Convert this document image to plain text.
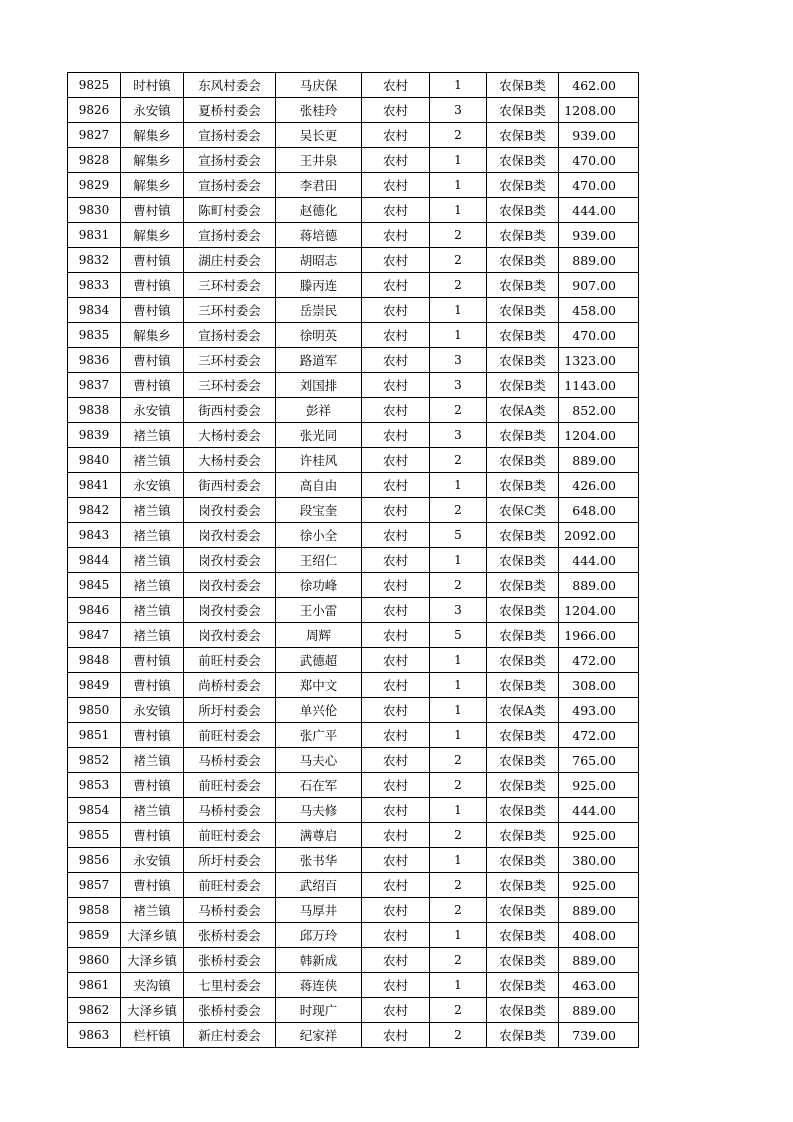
9825	时村镇	东风村委会	马庆保	农村	1	农保B类	462.00
9826	永安镇	夏桥村委会	张桂玲	农村	3	农保B类	1208.00
9827	解集乡	宣扬村委会	吴长更	农村	2	农保B类	939.00
9828	解集乡	宣扬村委会	王井泉	农村	1	农保B类	470.00
9829	解集乡	宣扬村委会	李君田	农村	1	农保B类	470.00
9830	曹村镇	陈町村委会	赵德化	农村	1	农保B类	444.00
9831	解集乡	宣扬村委会	蒋培德	农村	2	农保B类	939.00
9832	曹村镇	湖庄村委会	胡昭志	农村	2	农保B类	889.00
9833	曹村镇	三环村委会	滕丙连	农村	2	农保B类	907.00
9834	曹村镇	三环村委会	岳崇民	农村	1	农保B类	458.00
9835	解集乡	宣扬村委会	徐明英	农村	1	农保B类	470.00
9836	曹村镇	三环村委会	路道军	农村	3	农保B类	1323.00
9837	曹村镇	三环村委会	刘国排	农村	3	农保B类	1143.00
9838	永安镇	街西村委会	彭祥	农村	2	农保A类	852.00
9839	褚兰镇	大杨村委会	张光同	农村	3	农保B类	1204.00
9840	褚兰镇	大杨村委会	许桂风	农村	2	农保B类	889.00
9841	永安镇	街西村委会	高自由	农村	1	农保B类	426.00
9842	褚兰镇	岗孜村委会	段宝奎	农村	2	农保C类	648.00
9843	褚兰镇	岗孜村委会	徐小全	农村	5	农保B类	2092.00
9844	褚兰镇	岗孜村委会	王绍仁	农村	1	农保B类	444.00
9845	褚兰镇	岗孜村委会	徐功峰	农村	2	农保B类	889.00
9846	褚兰镇	岗孜村委会	王小雷	农村	3	农保B类	1204.00
9847	褚兰镇	岗孜村委会	周辉	农村	5	农保B类	1966.00
9848	曹村镇	前旺村委会	武德超	农村	1	农保B类	472.00
9849	曹村镇	尚桥村委会	郑中文	农村	1	农保B类	308.00
9850	永安镇	所圩村委会	单兴伦	农村	1	农保A类	493.00
9851	曹村镇	前旺村委会	张广平	农村	1	农保B类	472.00
9852	褚兰镇	马桥村委会	马夫心	农村	2	农保B类	765.00
9853	曹村镇	前旺村委会	石在军	农村	2	农保B类	925.00
9854	褚兰镇	马桥村委会	马夫修	农村	1	农保B类	444.00
9855	曹村镇	前旺村委会	满尊启	农村	2	农保B类	925.00
9856	永安镇	所圩村委会	张书华	农村	1	农保B类	380.00
9857	曹村镇	前旺村委会	武绍百	农村	2	农保B类	925.00
9858	褚兰镇	马桥村委会	马厚井	农村	2	农保B类	889.00
9859	大泽乡镇	张桥村委会	邱万玲	农村	1	农保B类	408.00
9860	大泽乡镇	张桥村委会	韩新成	农村	2	农保B类	889.00
9861	夹沟镇	七里村委会	蒋连侠	农村	1	农保B类	463.00
9862	大泽乡镇	张桥村委会	时现广	农村	2	农保B类	889.00
9863	栏杆镇	新庄村委会	纪家祥	农村	2	农保B类	739.00
